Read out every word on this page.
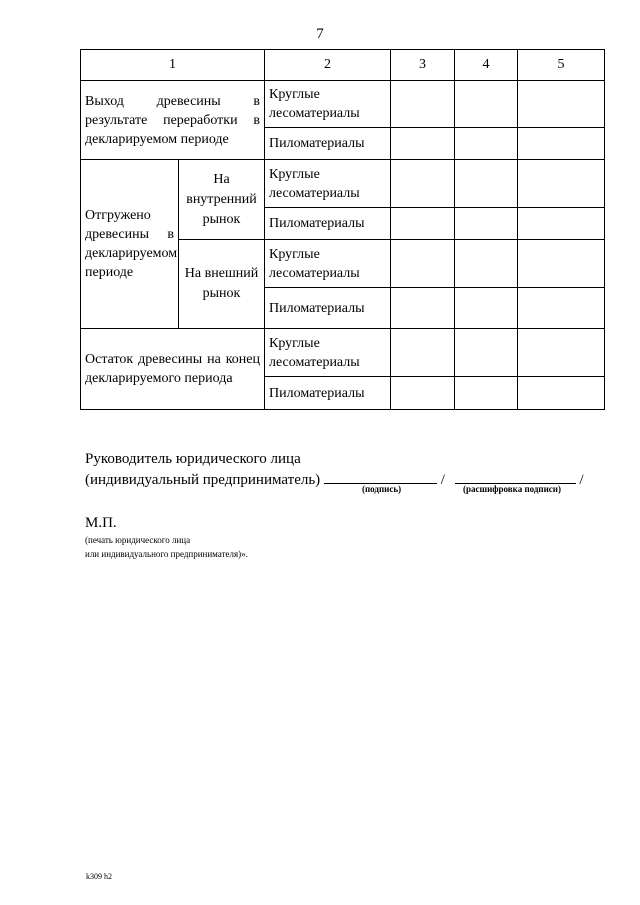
7
1		2	3	4	5
Выход древесины в результате переработки в декларируемом периоде		Круглые лесоматериалы			
		Пиломатериалы			
Отгружено древесины в декларируемом периоде	На внутренний рынок	Круглые лесоматериалы			
		Пиломатериалы			
	На внешний рынок	Круглые лесоматериалы			
		Пиломатериалы			
Остаток древесины на конец декларируемого периода		Круглые лесоматериалы			
		Пиломатериалы			
Руководитель юридического лица
(индивидуальный предприниматель)	/	/
(подпись)	(расшифровка подписи)
М.П.
(печать юридического лица
или индивидуального предпринимателя)».
k309 h2
